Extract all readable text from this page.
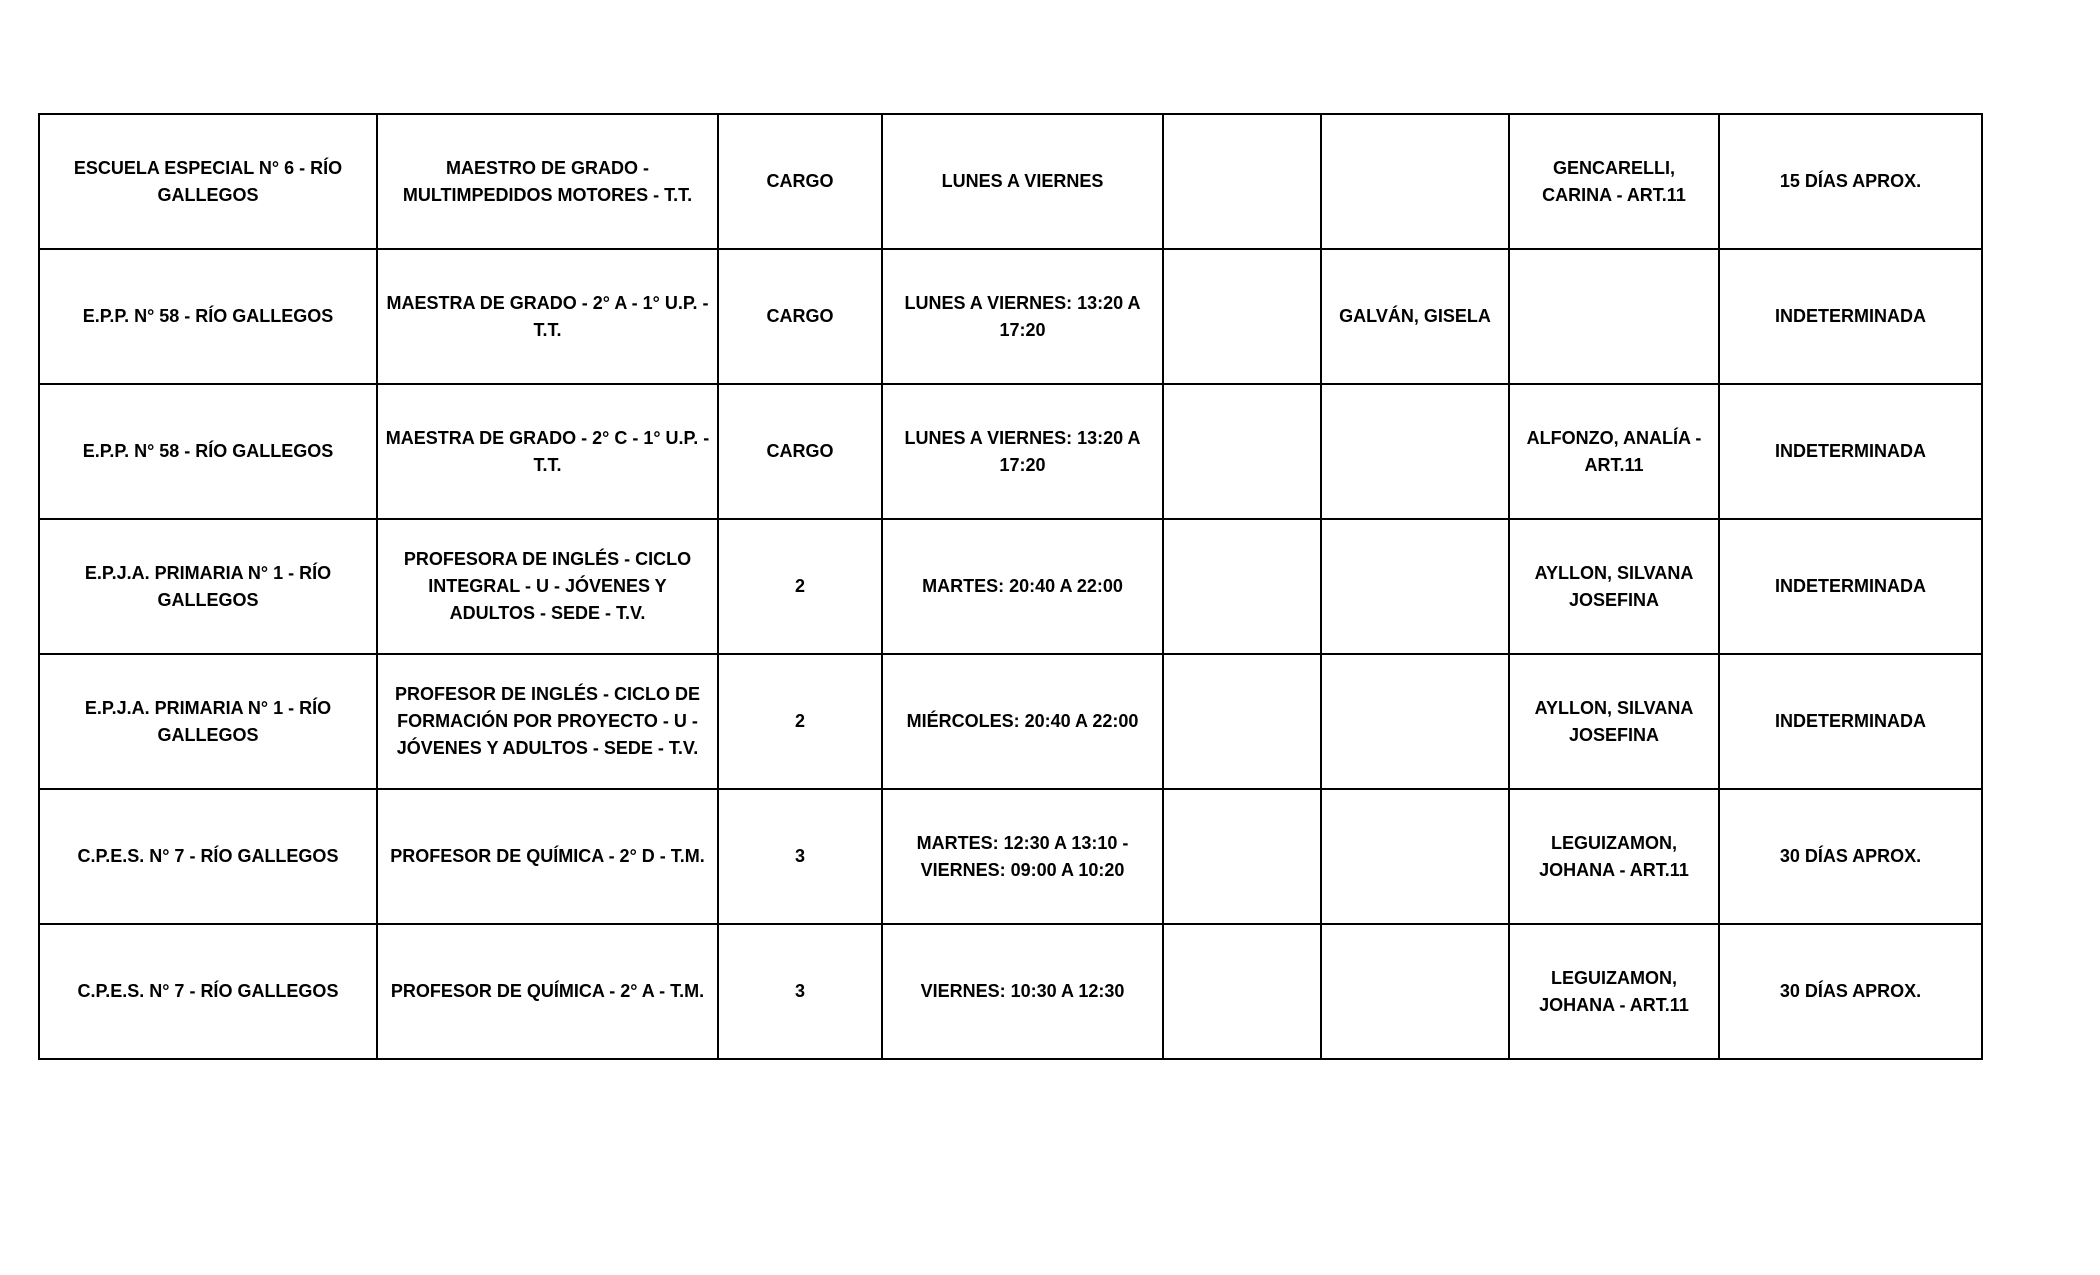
ESCUELA ESPECIAL N° 6 - RÍO GALLEGOS	MAESTRO DE GRADO - MULTIMPEDIDOS MOTORES - T.T.	CARGO	LUNES A VIERNES			GENCARELLI, CARINA - ART.11	15 DÍAS APROX.
E.P.P. N° 58 - RÍO GALLEGOS	MAESTRA DE GRADO - 2° A - 1° U.P. - T.T.	CARGO	LUNES A VIERNES: 13:20 A 17:20		GALVÁN, GISELA		INDETERMINADA
E.P.P. N° 58 - RÍO GALLEGOS	MAESTRA DE GRADO - 2° C - 1° U.P. - T.T.	CARGO	LUNES A VIERNES: 13:20 A 17:20			ALFONZO, ANALÍA - ART.11	INDETERMINADA
E.P.J.A. PRIMARIA N° 1 - RÍO GALLEGOS	PROFESORA DE INGLÉS - CICLO INTEGRAL - U - JÓVENES Y ADULTOS - SEDE - T.V.	2	MARTES: 20:40 A 22:00			AYLLON, SILVANA JOSEFINA	INDETERMINADA
E.P.J.A. PRIMARIA N° 1 - RÍO GALLEGOS	PROFESOR DE INGLÉS - CICLO DE FORMACIÓN POR PROYECTO - U - JÓVENES Y ADULTOS - SEDE - T.V.	2	MIÉRCOLES: 20:40 A 22:00			AYLLON, SILVANA JOSEFINA	INDETERMINADA
C.P.E.S. N° 7 - RÍO GALLEGOS	PROFESOR DE QUÍMICA - 2° D - T.M.	3	MARTES: 12:30 A 13:10 - VIERNES: 09:00 A 10:20			LEGUIZAMON, JOHANA - ART.11	30 DÍAS APROX.
C.P.E.S. N° 7 - RÍO GALLEGOS	PROFESOR DE QUÍMICA - 2° A - T.M.	3	VIERNES: 10:30 A 12:30			LEGUIZAMON, JOHANA - ART.11	30 DÍAS APROX.
